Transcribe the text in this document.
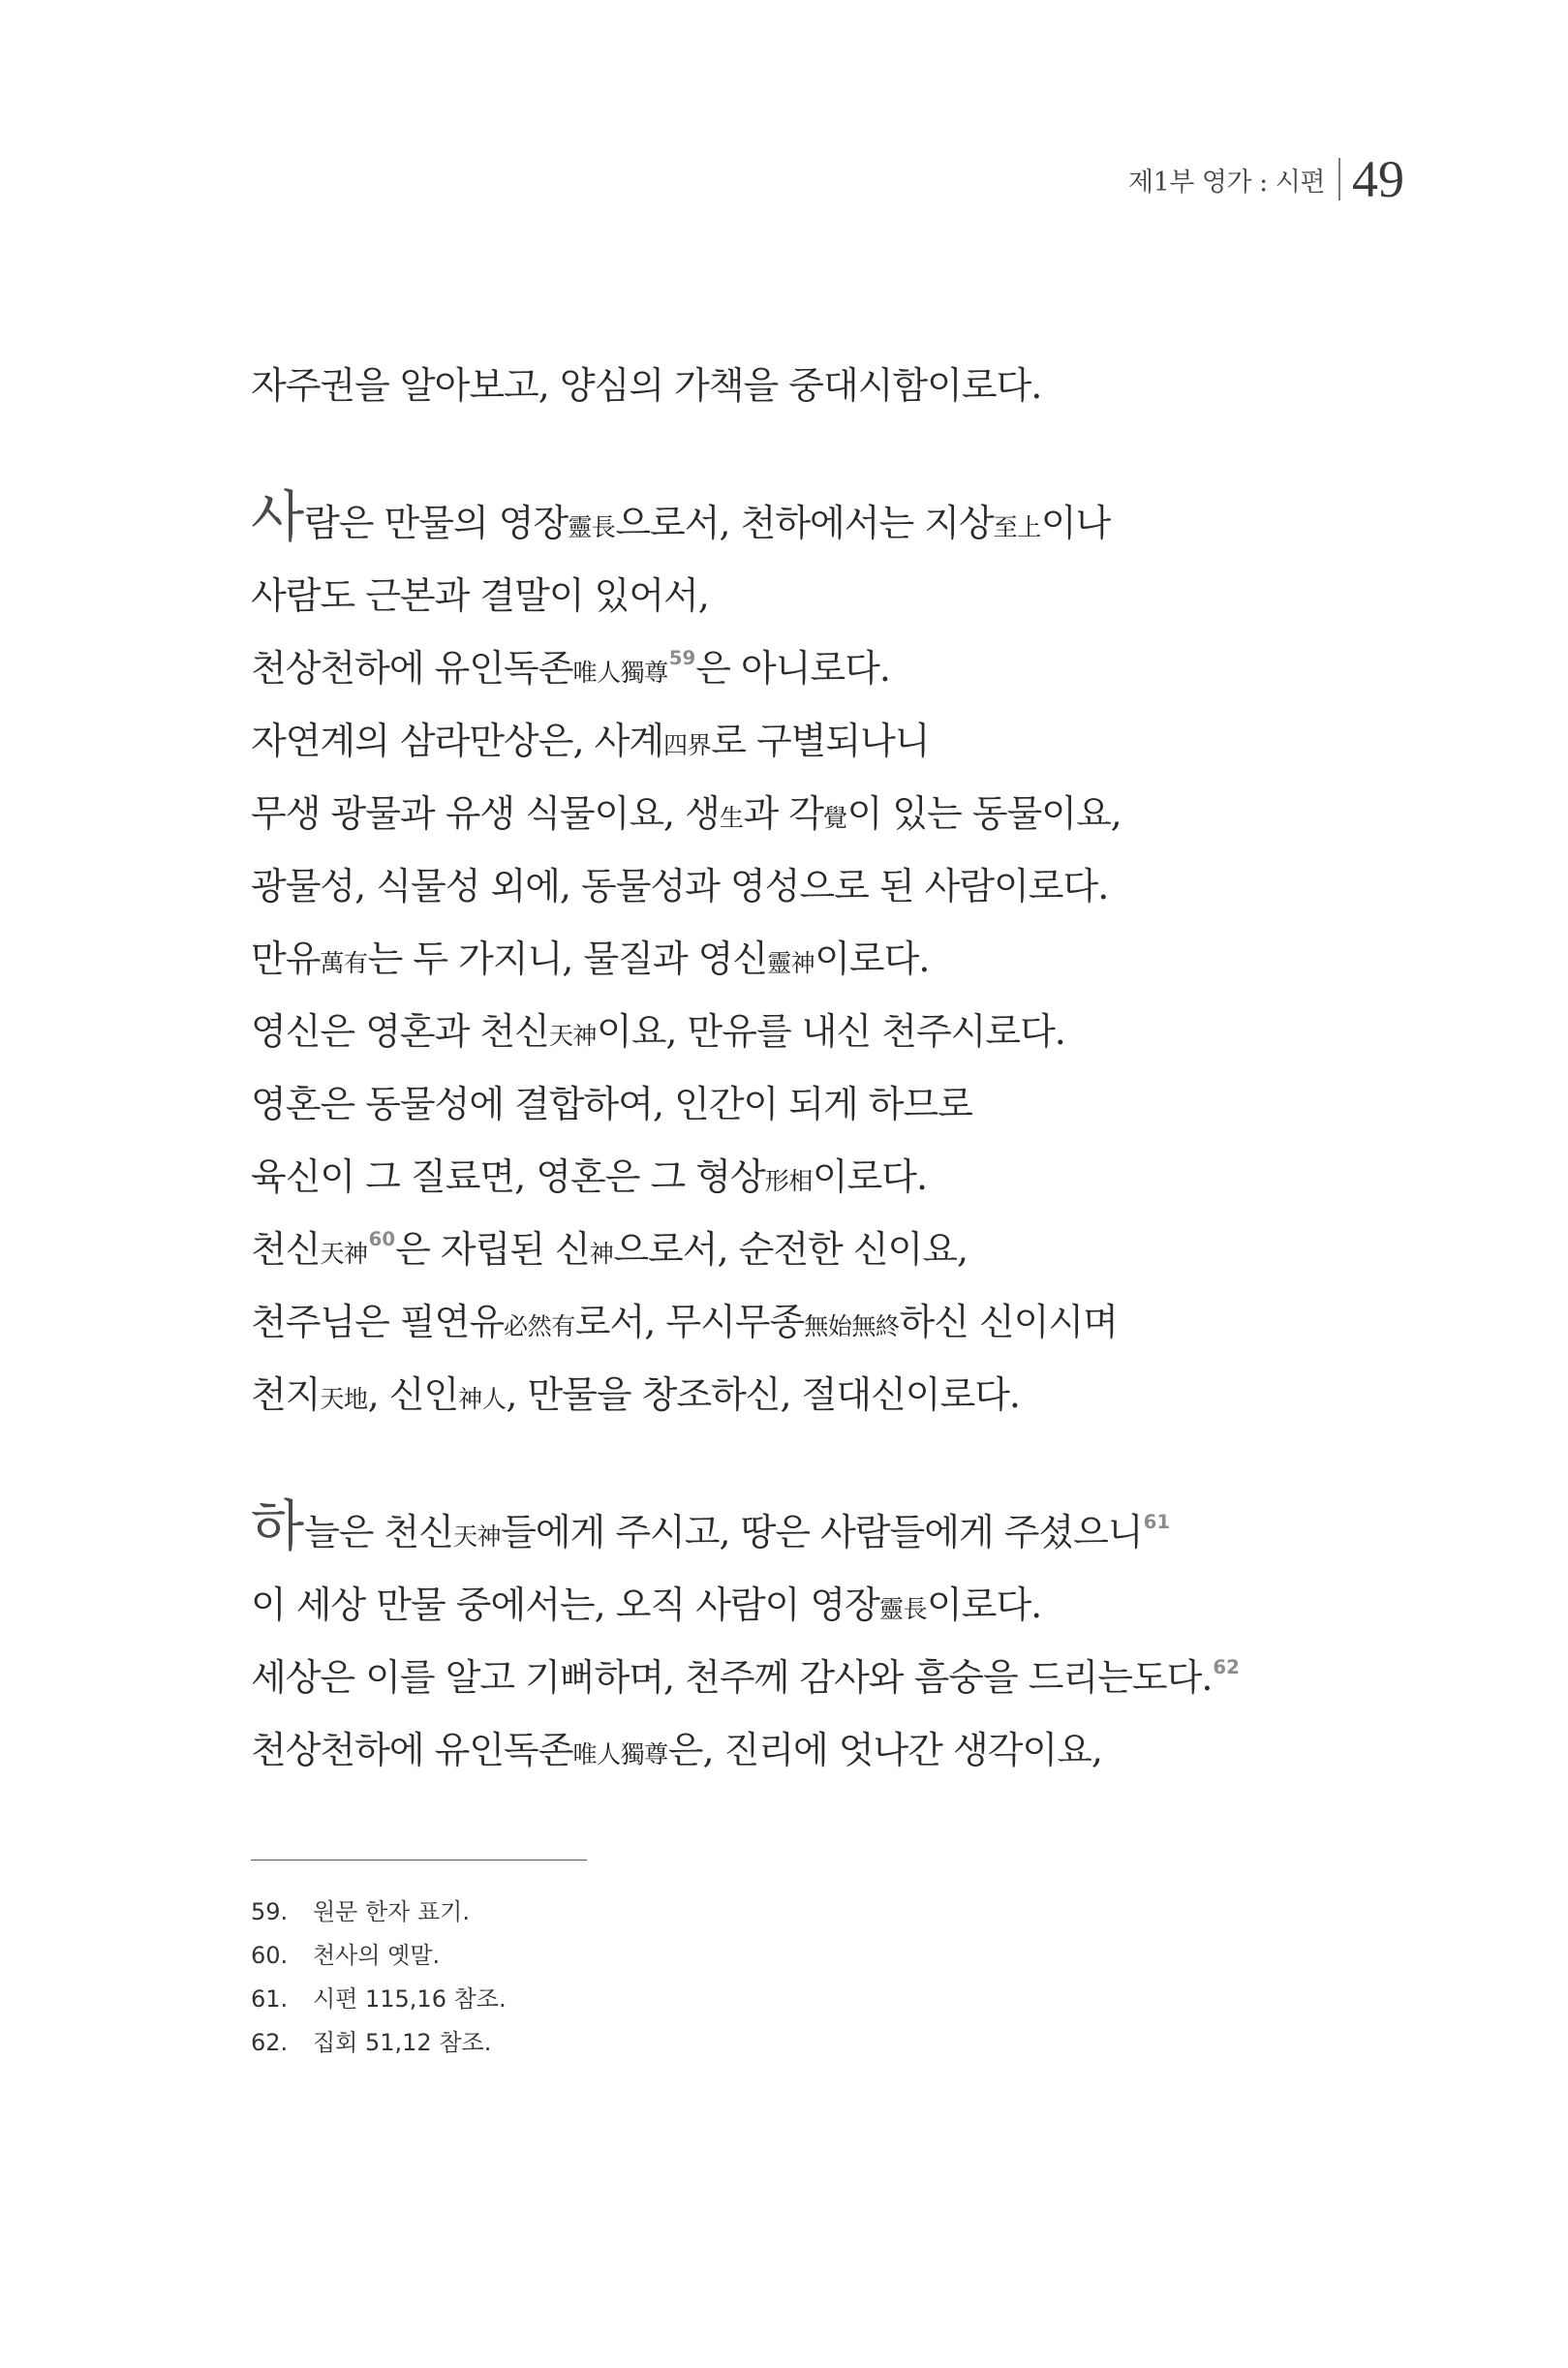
제1부 영가 : 시편 49
자주권을 알아보고, 양심의 가책을 중대시함이로다.
사람은 만물의 영장靈長으로서, 천하에서는 지상至上이나
사람도 근본과 결말이 있어서,
천상천하에 유인독존唯人獨尊$^{59}$은 아니로다.
자연계의 삼라만상은, 사계四界로 구별되나니
무생 광물과 유생 식물이요, 생生과 각覺이 있는 동물이요,
광물성, 식물성 외에, 동물성과 영성으로 된 사람이로다.
만유萬有는 두 가지니, 물질과 영신靈神이로다.
영신은 영혼과 천신天神이요, 만유를 내신 천주시로다.
영혼은 동물성에 결합하여, 인간이 되게 하므로
육신이 그 질료면, 영혼은 그 형상形相이로다.
천신天神$^{60}$은 자립된 신神으로서, 순전한 신이요,
천주님은 필연유必然有로서, 무시무종無始無終하신 신이시며
천지天地, 신인神人, 만물을 창조하신, 절대신이로다.
하늘은 천신天神들에게 주시고, 땅은 사람들에게 주셨으니$^{61}$
이 세상 만물 중에서는, 오직 사람이 영장靈長이로다.
세상은 이를 알고 기뻐하며, 천주께 감사와 흠숭을 드리는도다.$^{62}$
천상천하에 유인독존唯人獨尊은, 진리에 엇나간 생각이요,
59.	원문 한자 표기.
60.	천사의 옛말.
61.	시편 115,16 참조.
62.	집회 51,12 참조.
